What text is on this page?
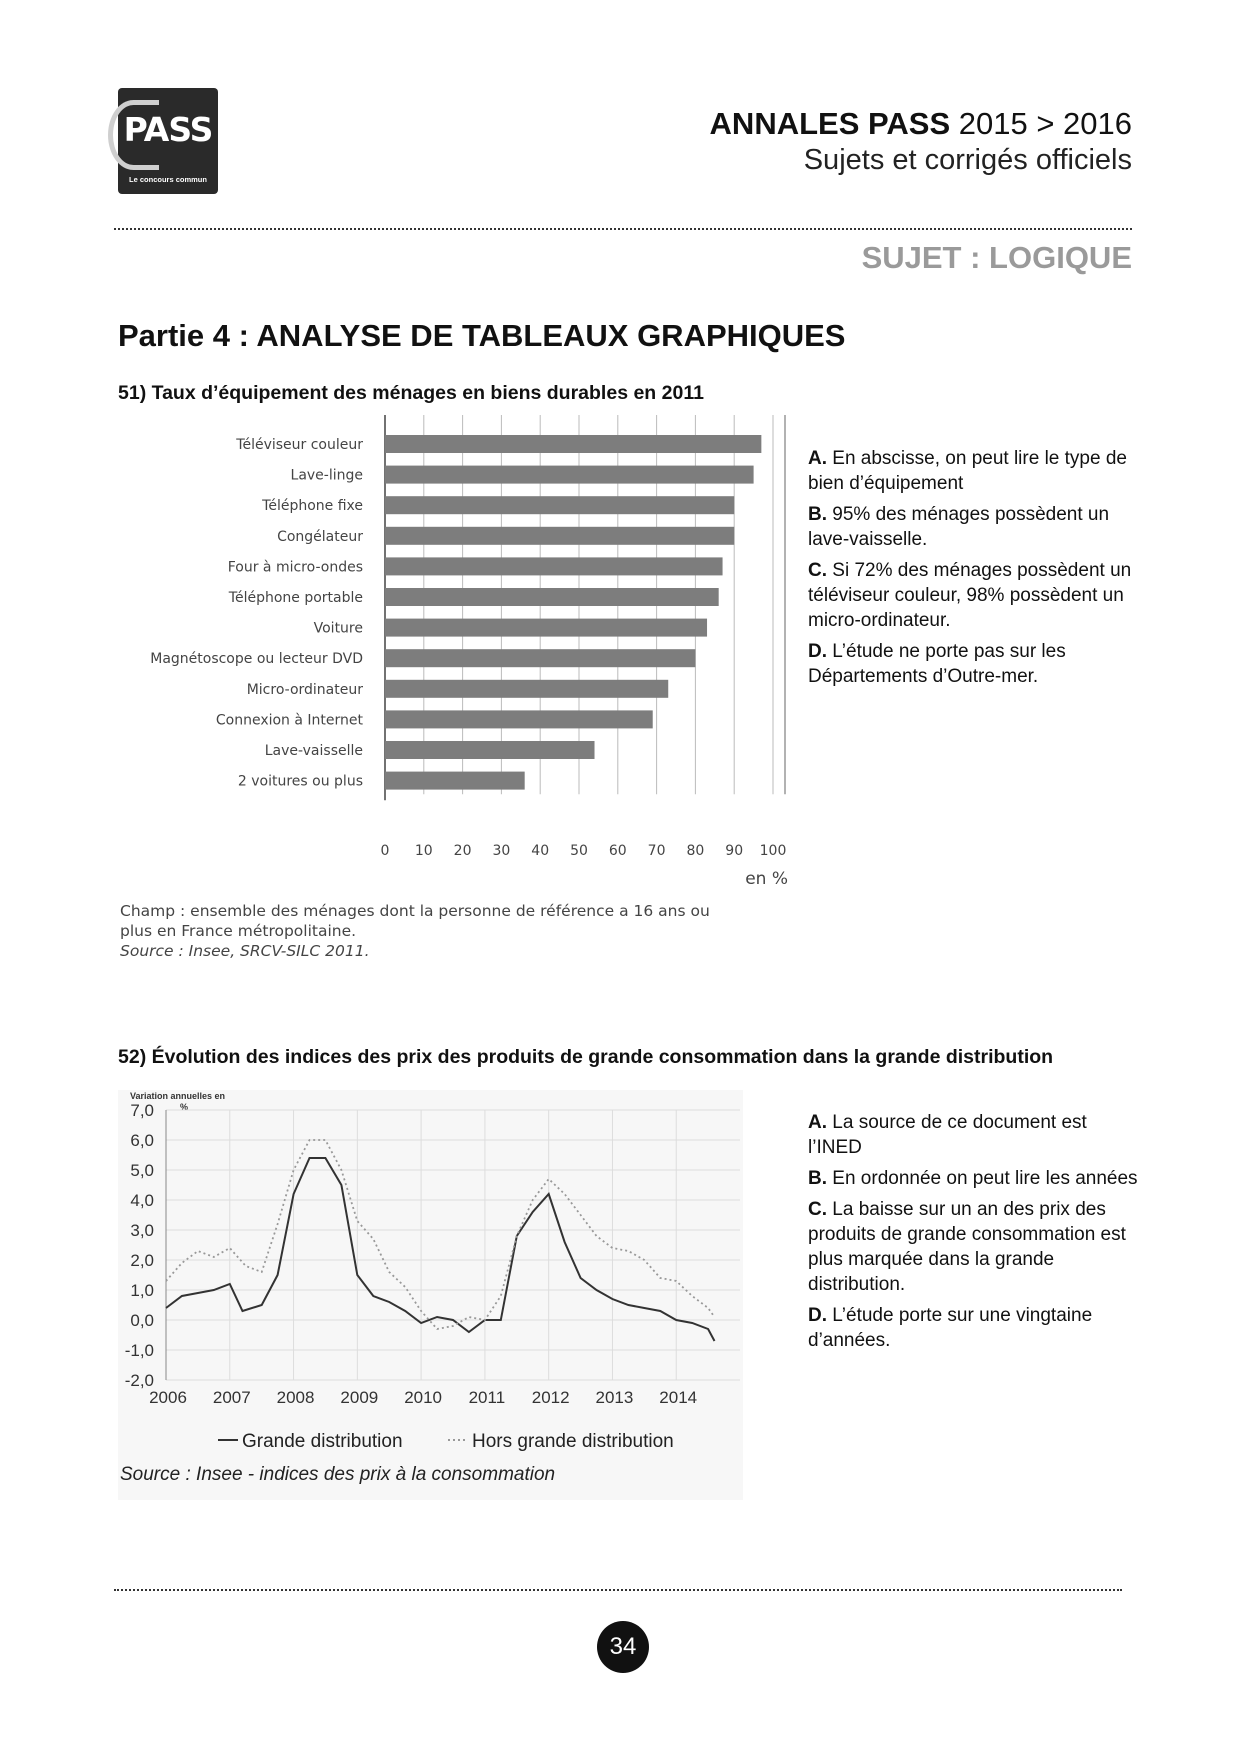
PASS
Le concours commun
ANNALES PASS 2015 > 2016
Sujets et corrigés officiels
SUJET : LOGIQUE
Partie 4 : ANALYSE DE TABLEAUX GRAPHIQUES
51) Taux d’équipement des ménages en biens durables en 2011
0 10 20 30 40 50 60 70 80 90 100
Téléviseur couleur
Lave-linge
Téléphone fixe
Congélateur
Four à micro-ondes
Téléphone portable
Voiture
Magnétoscope ou lecteur DVD
Micro-ordinateur
Connexion à Internet
Lave-vaisselle
2 voitures ou plus
en %
Champ : ensemble des ménages dont la personne de référence a 16 ans ou
plus en France métropolitaine.
Source : Insee, SRCV-SILC 2011.

A. En abscisse, on peut lire le type de bien d’équipement

B. 95% des ménages possèdent un lave-vaisselle.

C. Si 72% des ménages possèdent un téléviseur couleur, 98% possèdent un micro-ordinateur.

D. L’étude ne porte pas sur les Départements d’Outre-mer.

52) Évolution des indices des prix des produits de grande consommation dans la grande distribution
Variation annuelles en
%
7,0
6,0
5,0
4,0
3,0
2,0
1,0
0,0
-1,0
-2,0
2006 2007 2008 2009 2010 2011 2012 2013 2014
Grande distribution	Hors grande distribution
Source : Insee - indices des prix à la consommation

A. La source de ce document est l’INED

B. En ordonnée on peut lire les années

C. La baisse sur un an des prix des produits de grande consommation est plus marquée dans la grande distribution.

D. L’étude porte sur une vingtaine d’années.

34
